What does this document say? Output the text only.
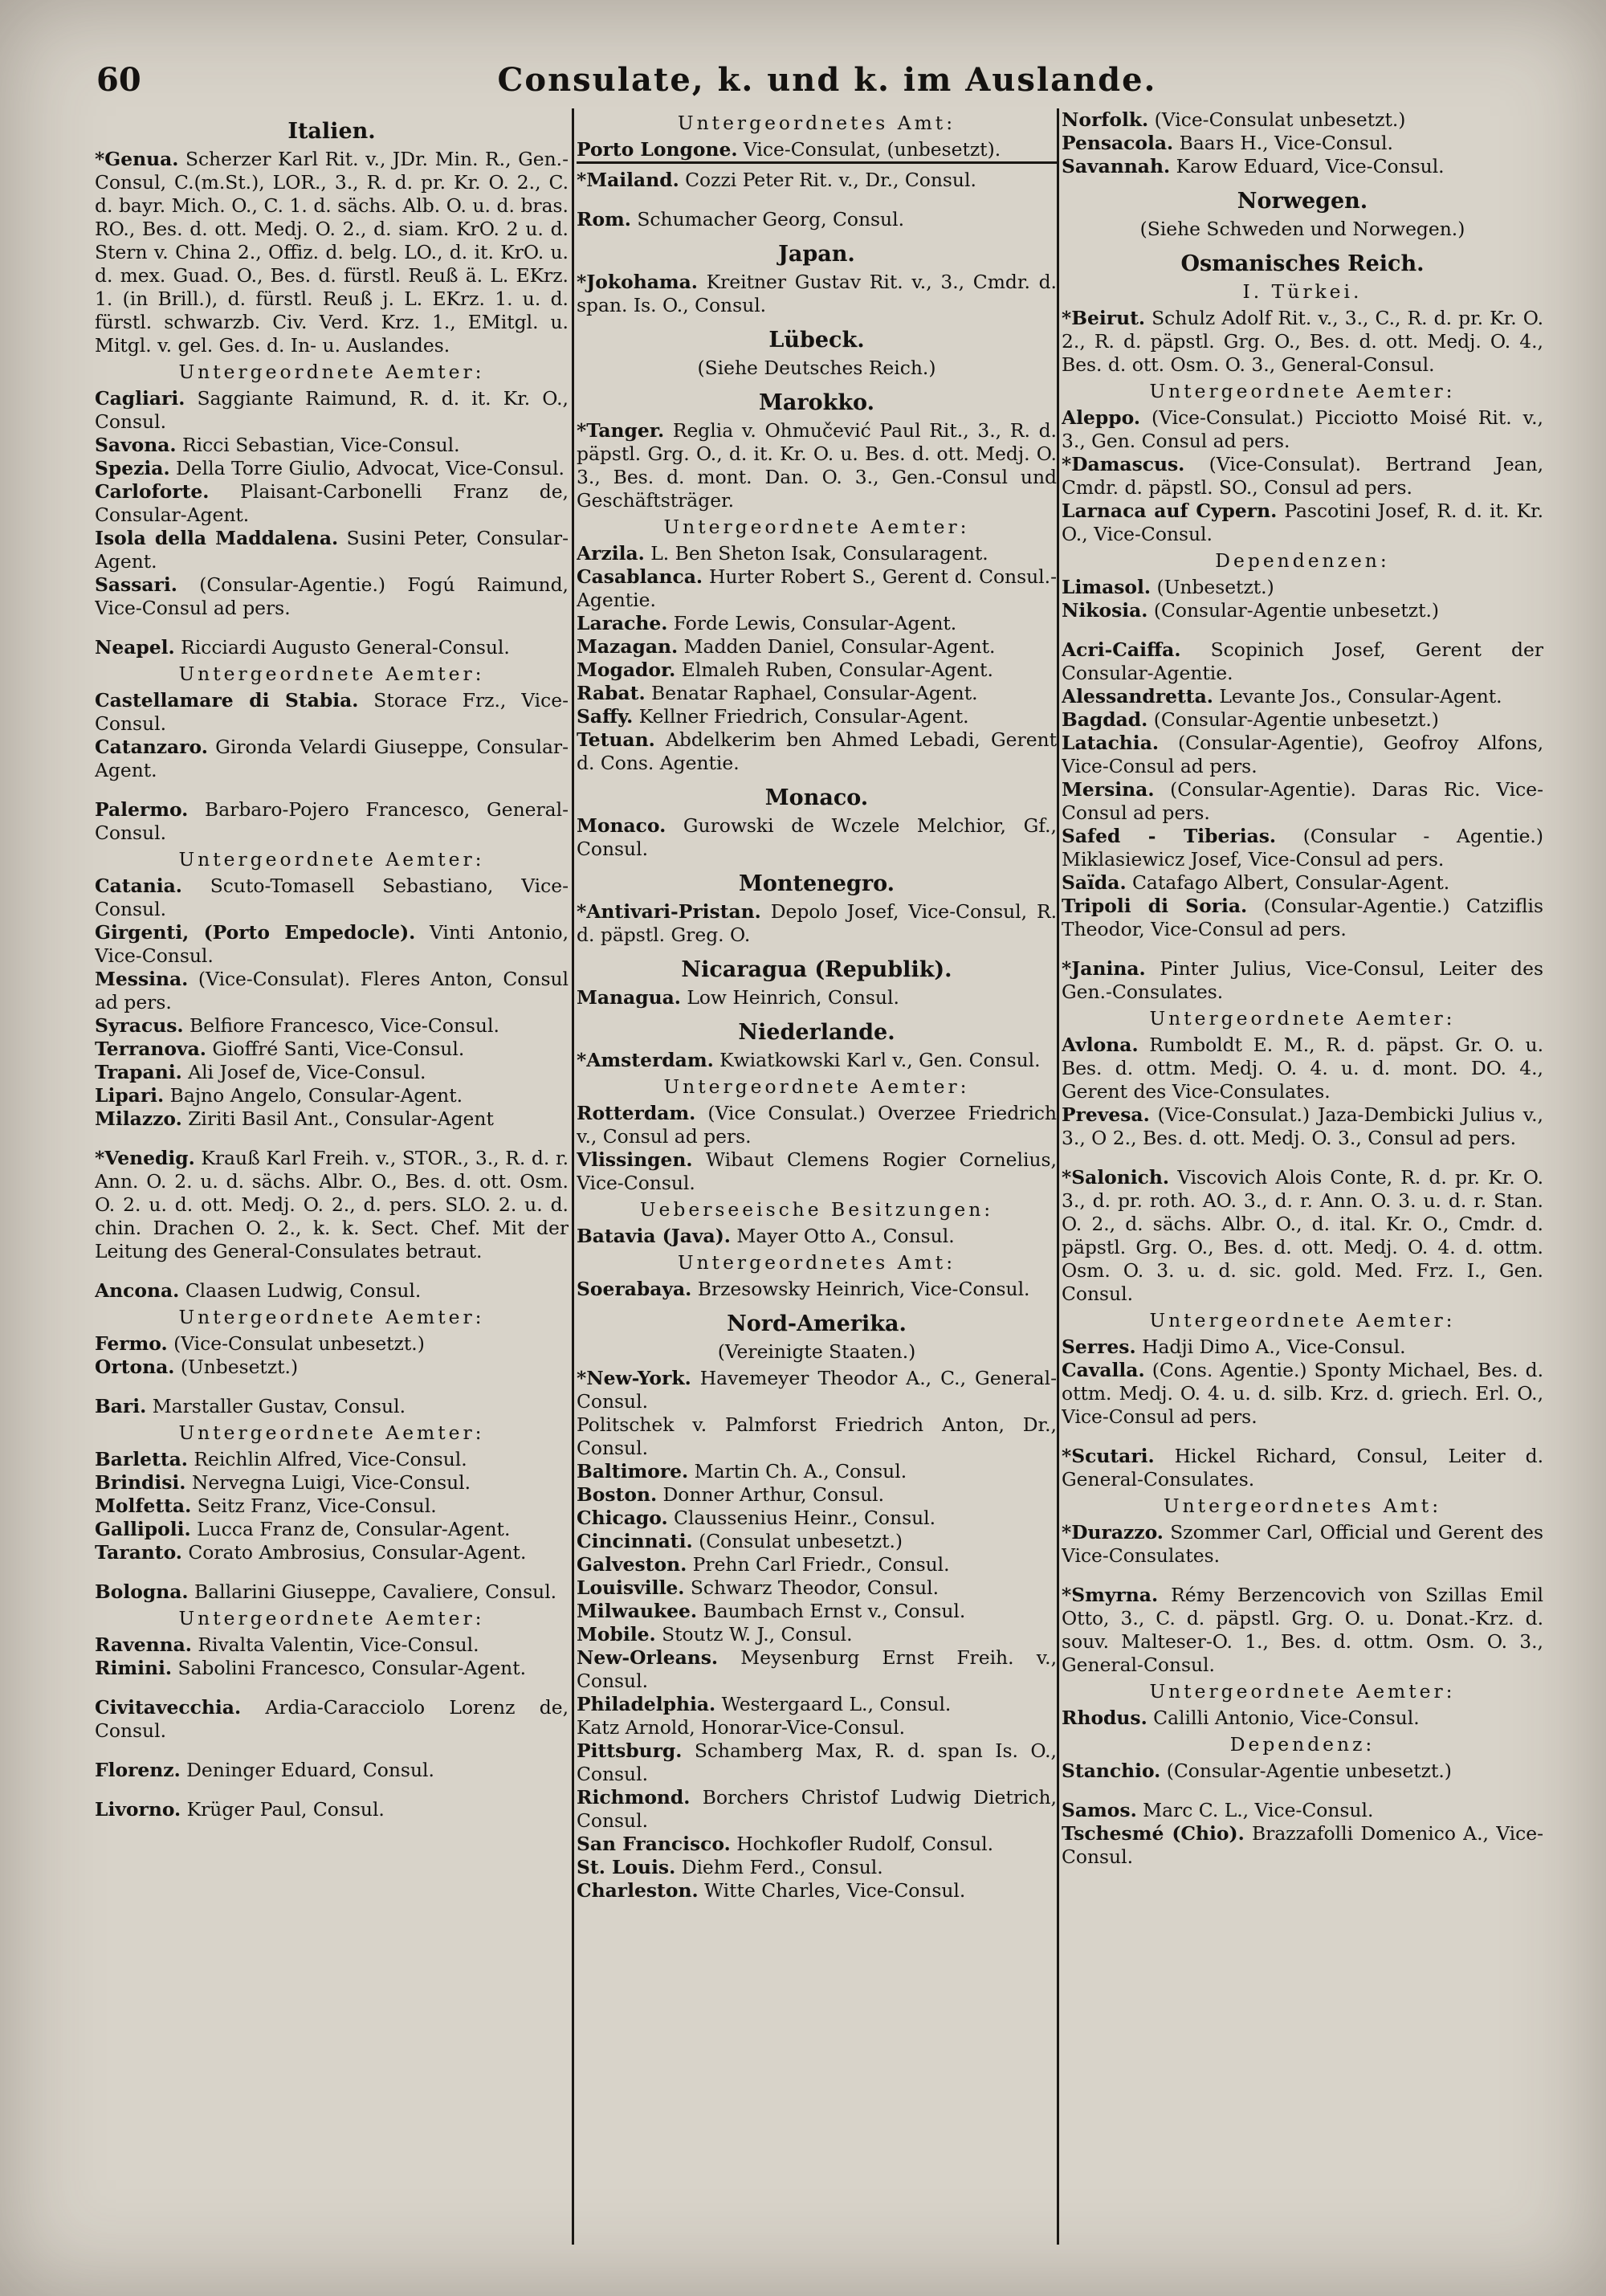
60	Consulate, k. und k. im Auslande.
Italien.

*Genua. Scherzer Karl Rit. v., JDr. Min. R., Gen.-Consul, C.(m.St.), LOR., 3., R. d. pr. Kr. O. 2., C. d. bayr. Mich. O., C. 1. d. sächs. Alb. O. u. d. bras. RO., Bes. d. ott. Medj. O. 2., d. siam. KrO. 2 u. d. Stern v. China 2., Offiz. d. belg. LO., d. it. KrO. u. d. mex. Guad. O., Bes. d. fürstl. Reuß ä. L. EKrz. 1. (in Brill.), d. fürstl. Reuß j. L. EKrz. 1. u. d. fürstl. schwarzb. Civ. Verd. Krz. 1., EMitgl. u. Mitgl. v. gel. Ges. d. In- u. Auslandes.

Untergeordnete Aemter:

Cagliari. Saggiante Raimund, R. d. it. Kr. O., Consul.

Savona. Ricci Sebastian, Vice-Consul.

Spezia. Della Torre Giulio, Advocat, Vice-Consul.

Carloforte. Plaisant-Carbonelli Franz de, Consular-Agent.

Isola della Maddalena. Susini Peter, Consular-Agent.

Sassari. (Consular-Agentie.) Fogú Raimund, Vice-Consul ad pers.

Neapel. Ricciardi Augusto General-Consul.

Untergeordnete Aemter:

Castellamare di Stabia. Storace Frz., Vice-Consul.

Catanzaro. Gironda Velardi Giuseppe, Consular-Agent.

Palermo. Barbaro-Pojero Francesco, General-Consul.

Untergeordnete Aemter:

Catania. Scuto-Tomasell Sebastiano, Vice-Consul.

Girgenti, (Porto Empedocle). Vinti Antonio, Vice-Consul.

Messina. (Vice-Consulat). Fleres Anton, Consul ad pers.

Syracus. Belfiore Francesco, Vice-Consul.

Terranova. Gioffré Santi, Vice-Consul.

Trapani. Ali Josef de, Vice-Consul.

Lipari. Bajno Angelo, Consular-Agent.

Milazzo. Ziriti Basil Ant., Consular-Agent

*Venedig. Krauß Karl Freih. v., STOR., 3., R. d. r. Ann. O. 2. u. d. sächs. Albr. O., Bes. d. ott. Osm. O. 2. u. d. ott. Medj. O. 2., d. pers. SLO. 2. u. d. chin. Drachen O. 2., k. k. Sect. Chef. Mit der Leitung des General-Consulates betraut.

Ancona. Claasen Ludwig, Consul.

Untergeordnete Aemter:

Fermo. (Vice-Consulat unbesetzt.)

Ortona. (Unbesetzt.)

Bari. Marstaller Gustav, Consul.

Untergeordnete Aemter:

Barletta. Reichlin Alfred, Vice-Consul.

Brindisi. Nervegna Luigi, Vice-Consul.

Molfetta. Seitz Franz, Vice-Consul.

Gallipoli. Lucca Franz de, Consular-Agent.

Taranto. Corato Ambrosius, Consular-Agent.

Bologna. Ballarini Giuseppe, Cavaliere, Consul.

Untergeordnete Aemter:

Ravenna. Rivalta Valentin, Vice-Consul.

Rimini. Sabolini Francesco, Consular-Agent.

Civitavecchia. Ardia-Caracciolo Lorenz de, Consul.

Florenz. Deninger Eduard, Consul.

Livorno. Krüger Paul, Consul.

Untergeordnetes Amt:

Porto Longone. Vice-Consulat, (unbesetzt).

*Mailand. Cozzi Peter Rit. v., Dr., Consul.

Rom. Schumacher Georg, Consul.

Japan.

*Jokohama. Kreitner Gustav Rit. v., 3., Cmdr. d. span. Is. O., Consul.

Lübeck.
(Siehe Deutsches Reich.)
Marokko.

*Tanger. Reglia v. Ohmučević Paul Rit., 3., R. d. päpstl. Grg. O., d. it. Kr. O. u. Bes. d. ott. Medj. O. 3., Bes. d. mont. Dan. O. 3., Gen.-Consul und Geschäftsträger.

Untergeordnete Aemter:

Arzila. L. Ben Sheton Isak, Consularagent.

Casablanca. Hurter Robert S., Gerent d. Consul.-Agentie.

Larache. Forde Lewis, Consular-Agent.

Mazagan. Madden Daniel, Consular-Agent.

Mogador. Elmaleh Ruben, Consular-Agent.

Rabat. Benatar Raphael, Consular-Agent.

Saffy. Kellner Friedrich, Consular-Agent.

Tetuan. Abdelkerim ben Ahmed Lebadi, Gerent d. Cons. Agentie.

Monaco.

Monaco. Gurowski de Wczele Melchior, Gf., Consul.

Montenegro.

*Antivari-Pristan. Depolo Josef, Vice-Consul, R. d. päpstl. Greg. O.

Nicaragua (Republik).

Managua. Low Heinrich, Consul.

Niederlande.

*Amsterdam. Kwiatkowski Karl v., Gen. Consul.

Untergeordnete Aemter:

Rotterdam. (Vice Consulat.) Overzee Friedrich v., Consul ad pers.

Vlissingen. Wibaut Clemens Rogier Cornelius, Vice-Consul.

Ueberseeische Besitzungen:

Batavia (Java). Mayer Otto A., Consul.

Untergeordnetes Amt:

Soerabaya. Brzesowsky Heinrich, Vice-Consul.

Nord-Amerika.
(Vereinigte Staaten.)

*New-York. Havemeyer Theodor A., C., General-Consul.

Politschek v. Palmforst Friedrich Anton, Dr., Consul.

Baltimore. Martin Ch. A., Consul.

Boston. Donner Arthur, Consul.

Chicago. Claussenius Heinr., Consul.

Cincinnati. (Consulat unbesetzt.)

Galveston. Prehn Carl Friedr., Consul.

Louisville. Schwarz Theodor, Consul.

Milwaukee. Baumbach Ernst v., Consul.

Mobile. Stoutz W. J., Consul.

New-Orleans. Meysenburg Ernst Freih. v., Consul.

Philadelphia. Westergaard L., Consul.

Katz Arnold, Honorar-Vice-Consul.

Pittsburg. Schamberg Max, R. d. span Is. O., Consul.

Richmond. Borchers Christof Ludwig Dietrich, Consul.

San Francisco. Hochkofler Rudolf, Consul.

St. Louis. Diehm Ferd., Consul.

Charleston. Witte Charles, Vice-Consul.

Norfolk. (Vice-Consulat unbesetzt.)

Pensacola. Baars H., Vice-Consul.

Savannah. Karow Eduard, Vice-Consul.

Norwegen.
(Siehe Schweden und Norwegen.)
Osmanisches Reich.
I. Türkei.

*Beirut. Schulz Adolf Rit. v., 3., C., R. d. pr. Kr. O. 2., R. d. päpstl. Grg. O., Bes. d. ott. Medj. O. 4., Bes. d. ott. Osm. O. 3., General-Consul.

Untergeordnete Aemter:

Aleppo. (Vice-Consulat.) Picciotto Moisé Rit. v., 3., Gen. Consul ad pers.

*Damascus. (Vice-Consulat). Bertrand Jean, Cmdr. d. päpstl. SO., Consul ad pers.

Larnaca auf Cypern. Pascotini Josef, R. d. it. Kr. O., Vice-Consul.

Dependenzen:

Limasol. (Unbesetzt.)

Nikosia. (Consular-Agentie unbesetzt.)

Acri-Caiffa. Scopinich Josef, Gerent der Consular-Agentie.

Alessandretta. Levante Jos., Consular-Agent.

Bagdad. (Consular-Agentie unbesetzt.)

Latachia. (Consular-Agentie), Geofroy Alfons, Vice-Consul ad pers.

Mersina. (Consular-Agentie). Daras Ric. Vice-Consul ad pers.

Safed - Tiberias. (Consular - Agentie.) Miklasiewicz Josef, Vice-Consul ad pers.

Saïda. Catafago Albert, Consular-Agent.

Tripoli di Soria. (Consular-Agentie.) Catziflis Theodor, Vice-Consul ad pers.

*Janina. Pinter Julius, Vice-Consul, Leiter des Gen.-Consulates.

Untergeordnete Aemter:

Avlona. Rumboldt E. M., R. d. päpst. Gr. O. u. Bes. d. ottm. Medj. O. 4. u. d. mont. DO. 4., Gerent des Vice-Consulates.

Prevesa. (Vice-Consulat.) Jaza-Dembicki Julius v., 3., O 2., Bes. d. ott. Medj. O. 3., Consul ad pers.

*Salonich. Viscovich Alois Conte, R. d. pr. Kr. O. 3., d. pr. roth. AO. 3., d. r. Ann. O. 3. u. d. r. Stan. O. 2., d. sächs. Albr. O., d. ital. Kr. O., Cmdr. d. päpstl. Grg. O., Bes. d. ott. Medj. O. 4. d. ottm. Osm. O. 3. u. d. sic. gold. Med. Frz. I., Gen. Consul.

Untergeordnete Aemter:

Serres. Hadji Dimo A., Vice-Consul.

Cavalla. (Cons. Agentie.) Sponty Michael, Bes. d. ottm. Medj. O. 4. u. d. silb. Krz. d. griech. Erl. O., Vice-Consul ad pers.

*Scutari. Hickel Richard, Consul, Leiter d. General-Consulates.

Untergeordnetes Amt:

*Durazzo. Szommer Carl, Official und Gerent des Vice-Consulates.

*Smyrna. Rémy Berzencovich von Szillas Emil Otto, 3., C. d. päpstl. Grg. O. u. Donat.-Krz. d. souv. Malteser-O. 1., Bes. d. ottm. Osm. O. 3., General-Consul.

Untergeordnete Aemter:

Rhodus. Calilli Antonio, Vice-Consul.

Dependenz:

Stanchio. (Consular-Agentie unbesetzt.)

Samos. Marc C. L., Vice-Consul.

Tschesmé (Chio). Brazzafolli Domenico A., Vice-Consul.
